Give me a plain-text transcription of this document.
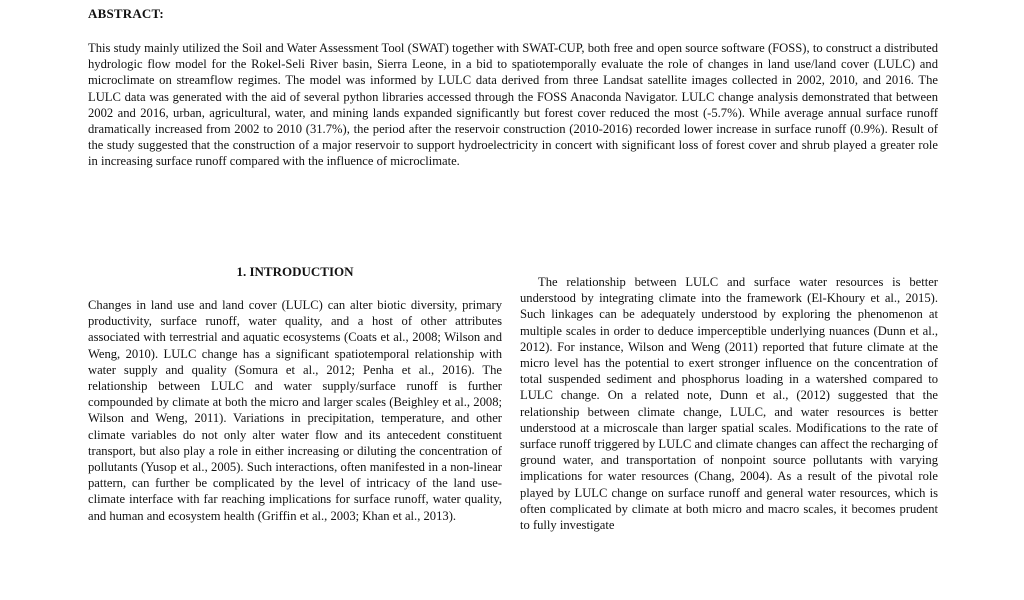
ABSTRACT:

This study mainly utilized the Soil and Water Assessment Tool (SWAT) together with SWAT-CUP, both free and open source software (FOSS), to construct a distributed hydrologic flow model for the Rokel-Seli River basin, Sierra Leone, in a bid to spatiotemporally evaluate the role of changes in land use/land cover (LULC) and microclimate on streamflow regimes. The model was informed by LULC data derived from three Landsat satellite images collected in 2002, 2010, and 2016. The LULC data was generated with the aid of several python libraries accessed through the FOSS Anaconda Navigator. LULC change analysis demonstrated that between 2002 and 2016, urban, agricultural, water, and mining lands expanded significantly but forest cover reduced the most (-5.7%). While average annual surface runoff dramatically increased from 2002 to 2010 (31.7%), the period after the reservoir construction (2010-2016) recorded lower increase in surface runoff (0.9%). Result of the study suggested that the construction of a major reservoir to support hydroelectricity in concert with significant loss of forest cover and shrub played a greater role in increasing surface runoff compared with the influence of microclimate.

1. INTRODUCTION

Changes in land use and land cover (LULC) can alter biotic diversity, primary productivity, surface runoff, water quality, and a host of other attributes associated with terrestrial and aquatic ecosystems (Coats et al., 2008; Wilson and Weng, 2010). LULC change has a significant spatiotemporal relationship with water supply and quality (Somura et al., 2012; Penha et al., 2016). The relationship between LULC and water supply/surface runoff is further compounded by climate at both the micro and larger scales (Beighley et al., 2008; Wilson and Weng, 2011). Variations in precipitation, temperature, and other climate variables do not only alter water flow and its antecedent constituent transport, but also play a role in either increasing or diluting the concentration of pollutants (Yusop et al., 2005). Such interactions, often manifested in a non-linear pattern, can further be complicated by the level of intricacy of the land use-climate interface with far reaching implications for surface runoff, water quality, and human and ecosystem health (Griffin et al., 2003; Khan et al., 2013).

The relationship between LULC and surface water resources is better understood by integrating climate into the framework (El-Khoury et al., 2015). Such linkages can be adequately understood by exploring the phenomenon at multiple scales in order to deduce imperceptible underlying nuances (Dunn et al., 2012). For instance, Wilson and Weng (2011) reported that future climate at the micro level has the potential to exert stronger influence on the concentration of total suspended sediment and phosphorus loading in a watershed compared to LULC change. On a related note, Dunn et al., (2012) suggested that the relationship between climate change, LULC, and water resources is better understood at a microscale than larger spatial scales. Modifications to the rate of surface runoff triggered by LULC and climate changes can affect the recharging of ground water, and transportation of nonpoint source pollutants with varying implications for water resources (Chang, 2004). As a result of the pivotal role played by LULC change on surface runoff and general water resources, which is often complicated by climate at both micro and macro scales, it becomes prudent to fully investigate
